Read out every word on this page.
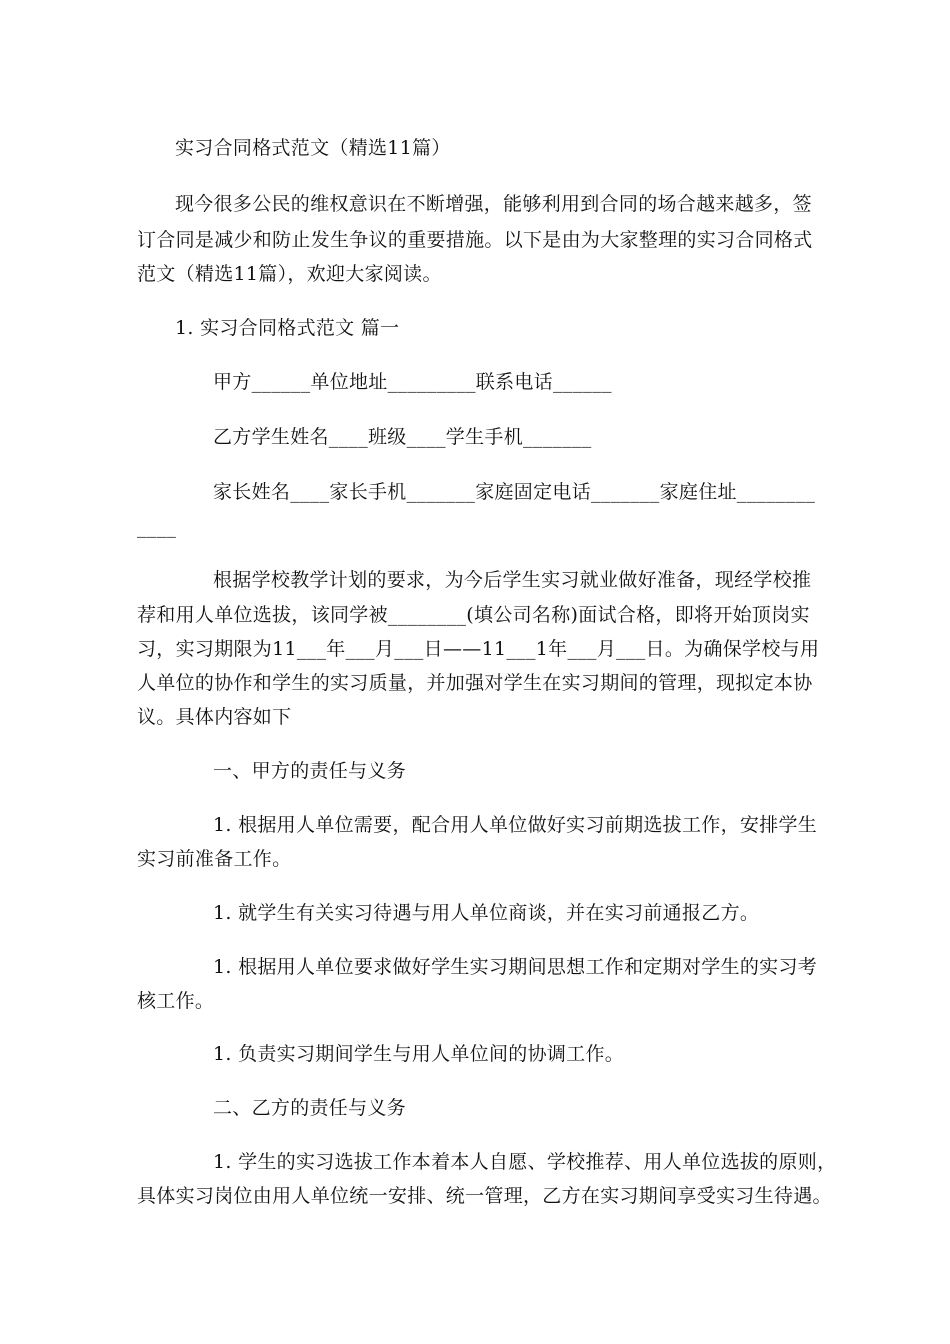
实习合同格式范文（精选11篇）
现今很多公民的维权意识在不断增强，能够利用到合同的场合越来越多，签
订合同是减少和防止发生争议的重要措施。以下是由为大家整理的实习合同格式
范文（精选11篇），欢迎大家阅读。
1. 实习合同格式范文 篇一
甲方______单位地址_________联系电话______
乙方学生姓名____班级____学生手机_______
家长姓名____家长手机_______家庭固定电话_______家庭住址________
____
根据学校教学计划的要求，为今后学生实习就业做好准备，现经学校推
荐和用人单位选拔，该同学被________(填公司名称)面试合格，即将开始顶岗实
习，实习期限为11___年___月___日——11___1年___月___日。为确保学校与用
人单位的协作和学生的实习质量，并加强对学生在实习期间的管理，现拟定本协
议。具体内容如下
一、甲方的责任与义务
1. 根据用人单位需要，配合用人单位做好实习前期选拔工作，安排学生
实习前准备工作。
1. 就学生有关实习待遇与用人单位商谈，并在实习前通报乙方。
1. 根据用人单位要求做好学生实习期间思想工作和定期对学生的实习考
核工作。
1. 负责实习期间学生与用人单位间的协调工作。
二、乙方的责任与义务
1. 学生的实习选拔工作本着本人自愿、学校推荐、用人单位选拔的原则，
具体实习岗位由用人单位统一安排、统一管理，乙方在实习期间享受实习生待遇。
